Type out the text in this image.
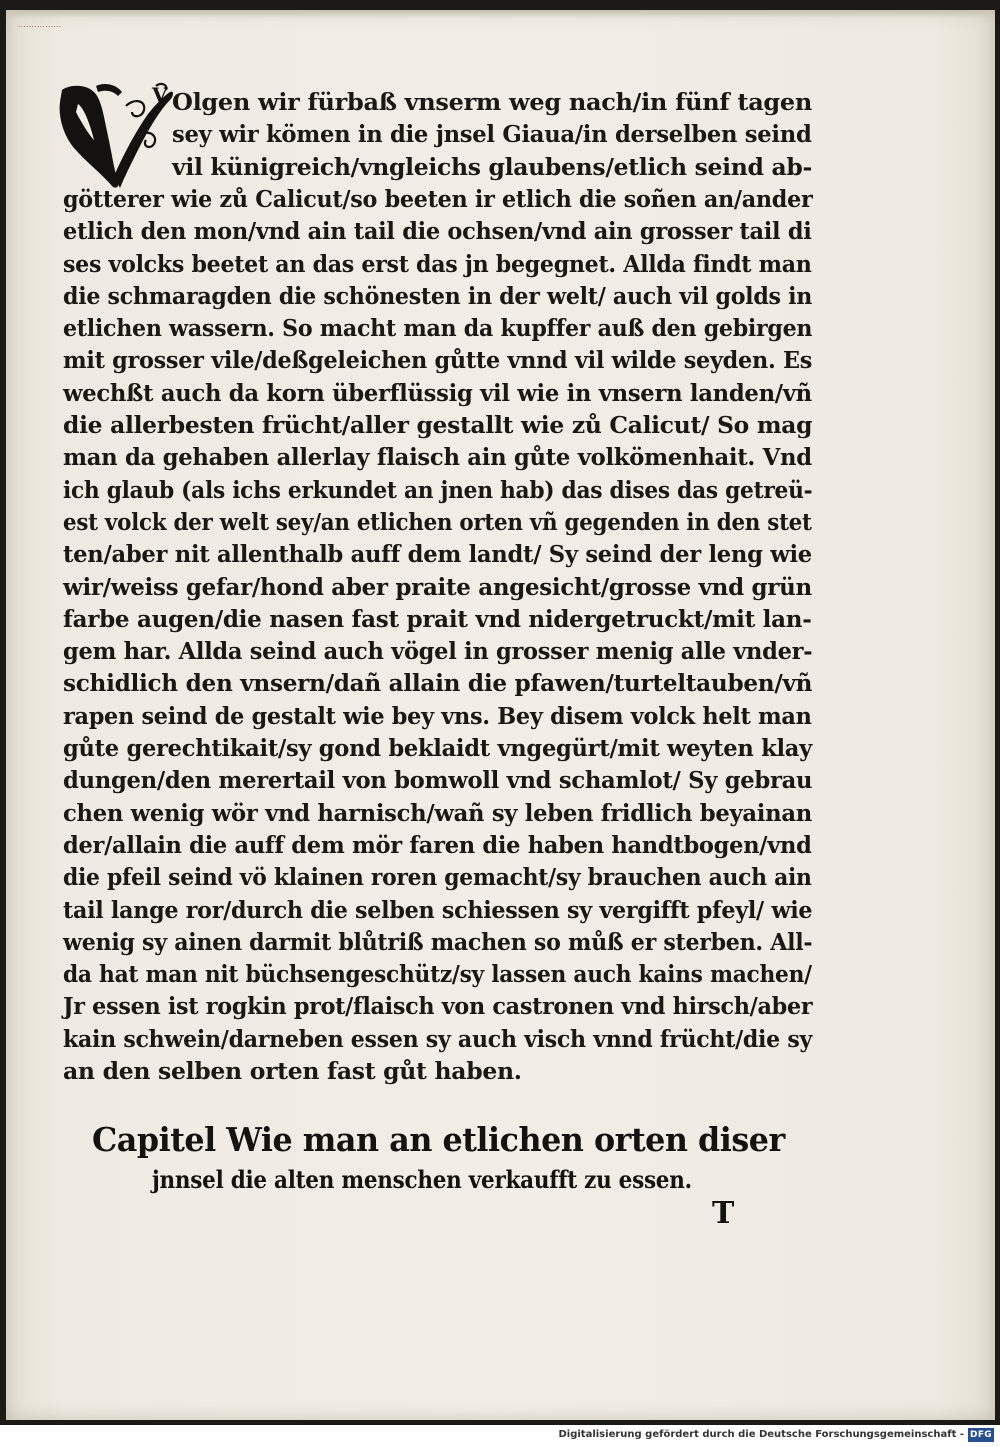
················
V Olgen wir fürbaß vnserm weg nach/in fünf tagen
sey wir kömen in die jnsel Giaua/in derselben seind
vil künigreich/vngleichs glaubens/etlich seind ab-
götterer wie zů Calicut/so beeten ir etlich die soñen an/ander
etlich den mon/vnd ain tail die ochsen/vnd ain grosser tail di
ses volcks beetet an das erst das jn begegnet. Allda findt man
die schmaragden die schönesten in der welt/ auch vil golds in
etlichen wassern. So macht man da kupffer auß den gebirgen
mit grosser vile/deßgeleichen gůtte vnnd vil wilde seyden. Es
wechßt auch da korn überflüssig vil wie in vnsern landen/vñ
die allerbesten frücht/aller gestallt wie zů Calicut/ So mag
man da gehaben allerlay flaisch ain gůte volkömenhait. Vnd
ich glaub (als ichs erkundet an jnen hab) das dises das getreü-
est volck der welt sey/an etlichen orten vñ gegenden in den stet
ten/aber nit allenthalb auff dem landt/ Sy seind der leng wie
wir/weiss gefar/hond aber praite angesicht/grosse vnd grün
farbe augen/die nasen fast prait vnd nidergetruckt/mit lan-
gem har. Allda seind auch vögel in grosser menig alle vnder-
schidlich den vnsern/dañ allain die pfawen/turteltauben/vñ
rapen seind de gestalt wie bey vns. Bey disem volck helt man
gůte gerechtikait/sy gond beklaidt vngegürt/mit weyten klay
dungen/den merertail von bomwoll vnd schamlot/ Sy gebrau
chen wenig wör vnd harnisch/wañ sy leben fridlich beyainan
der/allain die auff dem mör faren die haben handtbogen/vnd
die pfeil seind vö klainen roren gemacht/sy brauchen auch ain
tail lange ror/durch die selben schiessen sy vergifft pfeyl/ wie
wenig sy ainen darmit blůtriß machen so můß er sterben. All-
da hat man nit büchsengeschütz/sy lassen auch kains machen/
Jr essen ist rogkin prot/flaisch von castronen vnd hirsch/aber
kain schwein/darneben essen sy auch visch vnnd frücht/die sy
an den selben orten fast gůt haben.
Capitel Wie man an etlichen orten diser
jnnsel die alten menschen verkaufft zu essen.
T
Digitalisierung gefördert durch die Deutsche Forschungsgemeinschaft - DFG
